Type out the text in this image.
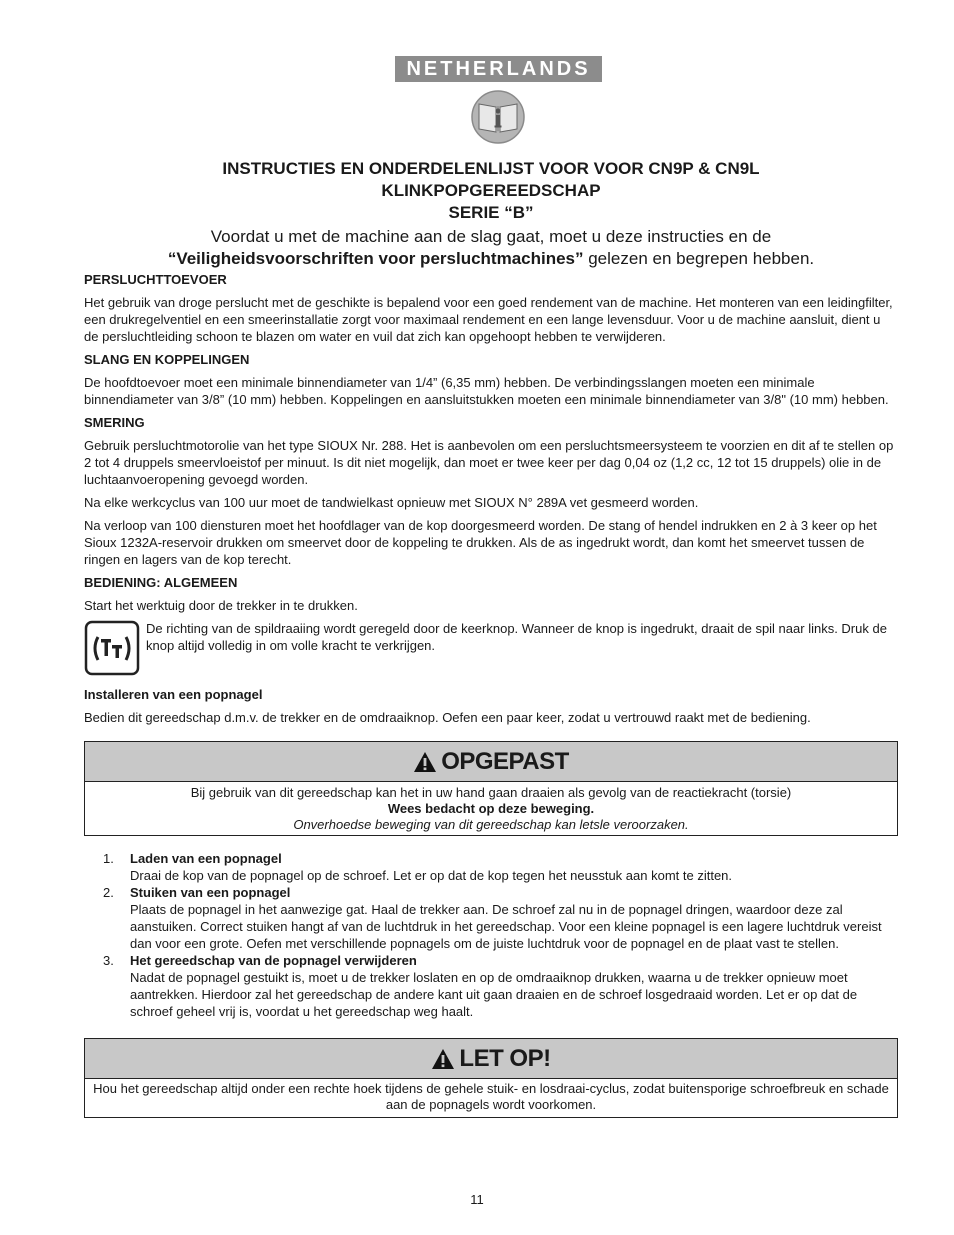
NETHERLANDS
INSTRUCTIES EN ONDERDELENLIJST VOOR VOOR CN9P & CN9L
KLINKPOPGEREEDSCHAP
SERIE “B”
Voordat u met de machine aan de slag gaat, moet u deze instructies en de
“Veiligheidsvoorschriften voor persluchtmachines” gelezen en begrepen hebben.
PERSLUCHTTOEVOER
Het gebruik van droge perslucht met de geschikte is bepalend voor een goed rendement van de machine. Het monteren van een leidingfilter, een drukregelventiel en een smeerinstallatie zorgt voor maximaal rendement en een lange levensduur. Voor u de machine aansluit, dient u de persluchtleiding schoon te blazen om water en vuil dat zich kan opgehoopt hebben te verwijderen.
SLANG EN KOPPELINGEN
De hoofdtoevoer moet een minimale binnendiameter van 1/4” (6,35 mm) hebben. De verbindingsslangen moeten een minimale binnendiameter van 3/8” (10 mm) hebben. Koppelingen en aansluitstukken moeten een minimale binnendiameter van 3/8" (10 mm) hebben.
SMERING
Gebruik persluchtmotorolie van het type SIOUX Nr. 288. Het is aanbevolen om een persluchtsmeersysteem te voorzien en dit af te stellen op 2 tot 4 druppels smeervloeistof per minuut. Is dit niet mogelijk, dan moet er twee keer per dag 0,04 oz (1,2 cc, 12 tot 15 druppels) olie in de luchtaanvoeropening gevoegd worden.
Na elke werkcyclus van 100 uur moet de tandwielkast opnieuw met SIOUX N° 289A vet gesmeerd worden.
Na verloop van 100 diensturen moet het hoofdlager van de kop doorgesmeerd worden. De stang of hendel indrukken en 2 à 3 keer op het Sioux 1232A-reservoir drukken om smeervet door de koppeling te drukken. Als de as ingedrukt wordt, dan komt het smeervet tussen de ringen en lagers van de kop terecht.
BEDIENING: ALGEMEEN
Start het werktuig door de trekker in te drukken.
De richting van de spildraaiing wordt geregeld door de keerknop. Wanneer de knop is ingedrukt, draait de spil naar links. Druk de knop altijd volledig in om volle kracht te verkrijgen.
Installeren van een popnagel
Bedien dit gereedschap d.m.v. de trekker en de omdraaiknop. Oefen een paar keer, zodat u vertrouwd raakt met de bediening.
OPGEPAST
Bij gebruik van dit gereedschap kan het in uw hand gaan draaien als gevolg van de reactiekracht (torsie)
Wees bedacht op deze beweging.
Onverhoedse beweging van dit gereedschap kan letsle veroorzaken.
1.	Laden van een popnagel
Draai de kop van de popnagel op de schroef. Let er op dat de kop tegen het neusstuk aan komt te zitten.
2.	Stuiken van een popnagel
Plaats de popnagel in het aanwezige gat. Haal de trekker aan. De schroef zal nu in de popnagel dringen, waardoor deze zal aanstuiken. Correct stuiken hangt af van de luchtdruk in het gereedschap. Voor een kleine popnagel is een lagere luchtdruk vereist dan voor een grote. Oefen met verschillende popnagels om de juiste luchtdruk voor de popnagel en de plaat vast te stellen.
3.	Het gereedschap van de popnagel verwijderen
Nadat de popnagel gestuikt is, moet u de trekker loslaten en op de omdraaiknop drukken, waarna u de trekker opnieuw moet aantrekken. Hierdoor zal het gereedschap de andere kant uit gaan draaien en de schroef losgedraaid worden. Let er op dat de schroef geheel vrij is, voordat u het gereedschap weg haalt.
LET OP!
Hou het gereedschap altijd onder een rechte hoek tijdens de gehele stuik- en losdraai-cyclus, zodat buitensporige schroefbreuk en schade aan de popnagels wordt voorkomen.
11
